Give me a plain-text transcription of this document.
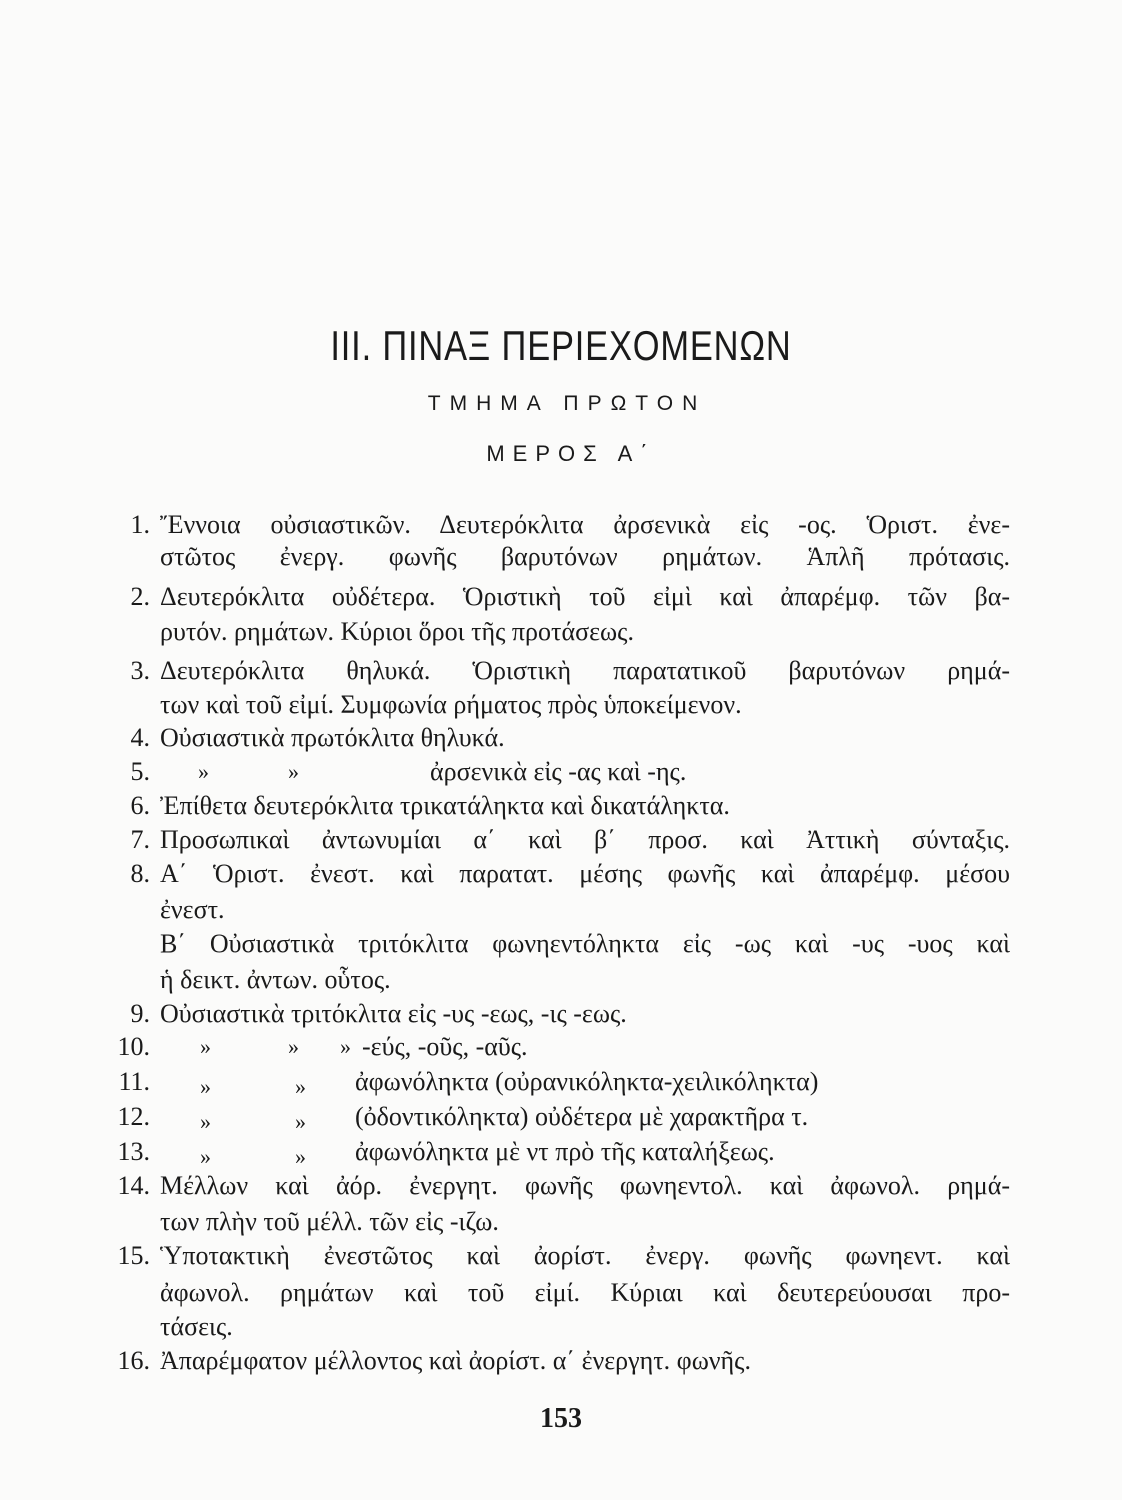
III. ΠΙΝΑΞ ΠΕΡΙΕΧΟΜΕΝΩΝ
ΤΜΗΜΑ ΠΡΩΤΟΝ
ΜΕΡΟΣ Α΄
1. Ἔννοια οὐσιαστικῶν. Δευτερόκλιτα ἀρσενικὰ εἰς -ος. Ὁριστ. ἐνε-
στῶτος ἐνεργ. φωνῆς βαρυτόνων ρημάτων. Ἁπλῆ πρότασις.
2. Δευτερόκλιτα οὐδέτερα. Ὁριστικὴ τοῦ εἰμὶ καὶ ἀπαρέμφ. τῶν βα-
ρυτόν. ρημάτων. Κύριοι ὅροι τῆς προτάσεως.
3. Δευτερόκλιτα θηλυκά. Ὁριστικὴ παρατατικοῦ βαρυτόνων ρημά-
των καὶ τοῦ εἰμί. Συμφωνία ρήματος πρὸς ὑποκείμενον.
4. Οὐσιαστικὰ πρωτόκλιτα θηλυκά.
5. »	»	ἀρσενικὰ εἰς -ας καὶ -ης.
6. Ἐπίθετα δευτερόκλιτα τρικατάληκτα καὶ δικατάληκτα.
7. Προσωπικαὶ ἀντωνυμίαι α΄ καὶ β΄ προσ. καὶ Ἀττικὴ σύνταξις.
8. Α΄ Ὁριστ. ἐνεστ. καὶ παρατατ. μέσης φωνῆς καὶ ἀπαρέμφ. μέσου
ἐνεστ.
Β΄ Οὐσιαστικὰ τριτόκλιτα φωνηεντόληκτα εἰς -ως καὶ -υς -υος καὶ
ἡ δεικτ. ἀντων. οὗτος.
9. Οὐσιαστικὰ τριτόκλιτα εἰς -υς -εως, -ις -εως.
10. »	» » -εύς, -οῦς, -αῦς.
11. »	» ἀφωνόληκτα (οὐρανικόληκτα-χειλικόληκτα)
12. »	» (ὀδοντικόληκτα) οὐδέτερα μὲ χαρακτῆρα τ.
13. »	» ἀφωνόληκτα μὲ ντ πρὸ τῆς καταλήξεως.
14. Μέλλων καὶ ἀόρ. ἐνεργητ. φωνῆς φωνηεντολ. καὶ ἀφωνολ. ρημά-
των πλὴν τοῦ μέλλ. τῶν εἰς -ιζω.
15. Ὑποτακτικὴ ἐνεστῶτος καὶ ἀορίστ. ἐνεργ. φωνῆς φωνηεντ. καὶ
ἀφωνολ. ρημάτων καὶ τοῦ εἰμί. Κύριαι καὶ δευτερεύουσαι προ-
τάσεις.
16. Ἀπαρέμφατον μέλλοντος καὶ ἀορίστ. α΄ ἐνεργητ. φωνῆς.
153
